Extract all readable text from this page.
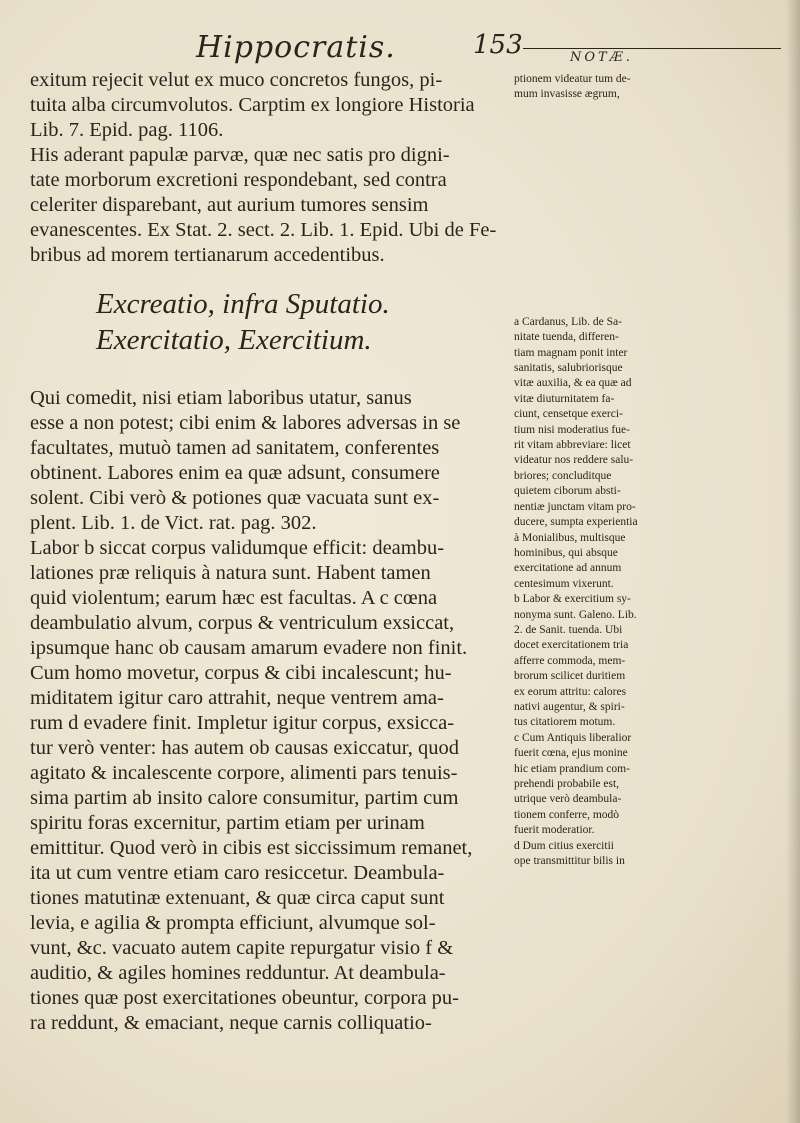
Hippocratis.	153	NOTÆ.
exitum rejecit velut ex muco concretos fungos, pi-
tuita alba circumvolutos. Carptim ex longiore Historia
Lib. 7. Epid. pag. 1106.
His aderant papulæ parvæ, quæ nec satis pro digni-
tate morborum excretioni respondebant, sed contra
celeriter disparebant, aut aurium tumores sensim
evanescentes. Ex Stat. 2. sect. 2. Lib. 1. Epid. Ubi de Fe-
bribus ad morem tertianarum accedentibus.
Excreatio, infra Sputatio.
Exercitatio, Exercitium.
Qui comedit, nisi etiam laboribus utatur, sanus
esse a non potest; cibi enim & labores adversas in se
facultates, mutuò tamen ad sanitatem, conferentes
obtinent. Labores enim ea quæ adsunt, consumere
solent. Cibi verò & potiones quæ vacuata sunt ex-
plent. Lib. 1. de Vict. rat. pag. 302.
Labor b siccat corpus validumque efficit: deambu-
lationes præ reliquis à natura sunt. Habent tamen
quid violentum; earum hæc est facultas. A c cœna
deambulatio alvum, corpus & ventriculum exsiccat,
ipsumque hanc ob causam amarum evadere non finit.
Cum homo movetur, corpus & cibi incalescunt; hu-
miditatem igitur caro attrahit, neque ventrem ama-
rum d evadere finit. Impletur igitur corpus, exsicca-
tur verò venter: has autem ob causas exiccatur, quod
agitato & incalescente corpore, alimenti pars tenuis-
sima partim ab insito calore consumitur, partim cum
spiritu foras excernitur, partim etiam per urinam
emittitur. Quod verò in cibis est siccissimum remanet,
ita ut cum ventre etiam caro resiccetur. Deambula-
tiones matutinæ extenuant, & quæ circa caput sunt
levia, e agilia & prompta efficiunt, alvumque sol-
vunt, &c. vacuato autem capite repurgatur visio f &
auditio, & agiles homines redduntur. At deambula-
tiones quæ post exercitationes obeuntur, corpora pu-
ra reddunt, & emaciant, neque carnis colliquatio-
ptionem videatur tum de-
mum invasisse ægrum,
a Cardanus, Lib. de Sa-
nitate tuenda, differen-
tiam magnam ponit inter
sanitatis, salubriorisque
vitæ auxilia, & ea quæ ad
vitæ diuturnitatem fa-
ciunt, censetque exerci-
tium nisi moderatius fue-
rit vitam abbreviare: licet
videatur nos reddere salu-
briores; concluditque
quietem ciborum absti-
nentiæ junctam vitam pro-
ducere, sumpta experientia
à Monialibus, multisque
hominibus, qui absque
exercitatione ad annum
centesimum vixerunt.
b Labor & exercitium sy-
nonyma sunt. Galeno. Lib.
2. de Sanit. tuenda. Ubi
docet exercitationem tria
afferre commoda, mem-
brorum scilicet duritiem
ex eorum attritu: calores
nativi augentur, & spiri-
tus citatiorem motum.
c Cum Antiquis liberalior
fuerit cœna, ejus monine
hic etiam prandium com-
prehendi probabile est,
utrique verò deambula-
tionem conferre, modò
fuerit moderatior.
d Dum citius exercitii
ope transmittitur bilis in
